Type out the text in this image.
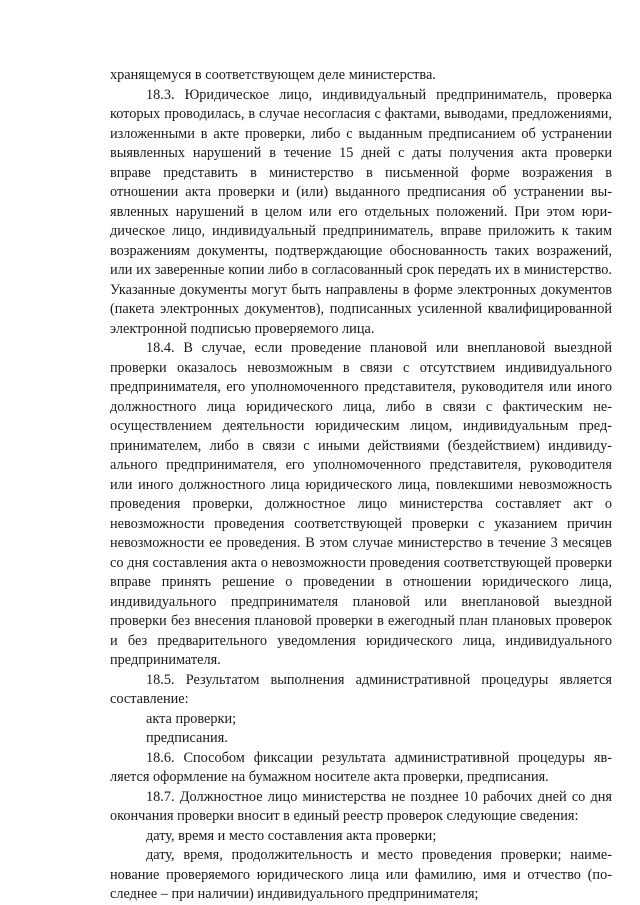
хранящемуся в соответствующем деле министерства.

18.3. Юридическое лицо, индивидуальный предприниматель, проверка которых проводилась, в случае несогласия с фактами, выводами, предложениями, изложенными в акте проверки, либо с выданным предписанием об устранении выявленных нарушений в течение 15 дней с даты получения акта проверки вправе представить в министерство в письменной форме возражения в отношении акта проверки и (или) выданного предписания об устранении выявленных нарушений в целом или его отдельных положений. При этом юридическое лицо, индивидуальный предприниматель, вправе приложить к таким возражениям документы, подтверждающие обоснованность таких возражений, или их заверенные копии либо в согласованный срок передать их в министерство. Указанные документы могут быть направлены в форме электронных документов (пакета электронных документов), подписанных усиленной квалифицированной электронной подписью проверяемого лица.

18.4. В случае, если проведение плановой или внеплановой выездной проверки оказалось невозможным в связи с отсутствием индивидуального предпринимателя, его уполномоченного представителя, руководителя или иного должностного лица юридического лица, либо в связи с фактическим неосуществлением деятельности юридическим лицом, индивидуальным предпринимателем, либо в связи с иными действиями (бездействием) индивидуального предпринимателя, его уполномоченного представителя, руководителя или иного должностного лица юридического лица, повлекшими невозможность проведения проверки, должностное лицо министерства составляет акт о невозможности проведения соответствующей проверки с указанием причин невозможности ее проведения. В этом случае министерство в течение 3 месяцев со дня составления акта о невозможности проведения соответствующей проверки вправе принять решение о проведении в отношении юридического лица, индивидуального предпринимателя плановой или внеплановой выездной проверки без внесения плановой проверки в ежегодный план плановых проверок и без предварительного уведомления юридического лица, индивидуального предпринимателя.

18.5. Результатом выполнения административной процедуры является составление:

акта проверки;

предписания.

18.6. Способом фиксации результата административной процедуры является оформление на бумажном носителе акта проверки, предписания.

18.7. Должностное лицо министерства не позднее 10 рабочих дней со дня окончания проверки вносит в единый реестр проверок следующие сведения:

дату, время и место составления акта проверки;

дату, время, продолжительность и место проведения проверки; наименование проверяемого юридического лица или фамилию, имя и отчество (последнее – при наличии) индивидуального предпринимателя;
